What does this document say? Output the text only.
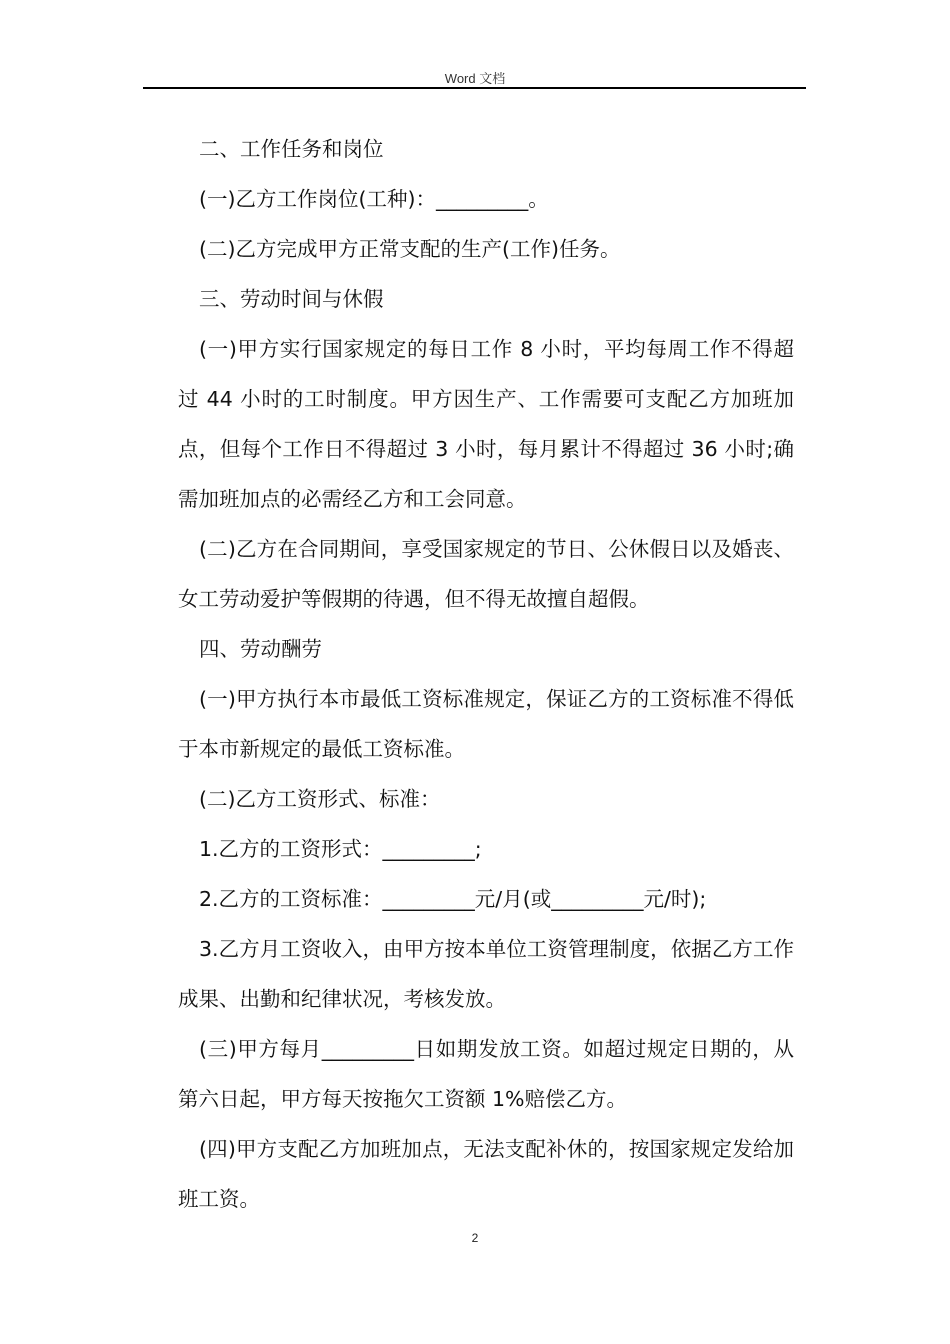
Word 文档

二、工作任务和岗位

(一)乙方工作岗位(工种)：_________。

(二)乙方完成甲方正常支配的生产(工作)任务。

三、劳动时间与休假

(一)甲方实行国家规定的每日工作 8 小时，平均每周工作不得超过 44 小时的工时制度。甲方因生产、工作需要可支配乙方加班加点，但每个工作日不得超过 3 小时，每月累计不得超过 36 小时;确需加班加点的必需经乙方和工会同意。

(二)乙方在合同期间，享受国家规定的节日、公休假日以及婚丧、女工劳动爱护等假期的待遇，但不得无故擅自超假。

四、劳动酬劳

(一)甲方执行本市最低工资标准规定，保证乙方的工资标准不得低于本市新规定的最低工资标准。

(二)乙方工资形式、标准：

1.乙方的工资形式：_________;

2.乙方的工资标准：_________元/月(或_________元/时);

3.乙方月工资收入，由甲方按本单位工资管理制度，依据乙方工作成果、出勤和纪律状况，考核发放。

(三)甲方每月_________日如期发放工资。如超过规定日期的，从第六日起，甲方每天按拖欠工资额 1%赔偿乙方。

(四)甲方支配乙方加班加点，无法支配补休的，按国家规定发给加班工资。

2
